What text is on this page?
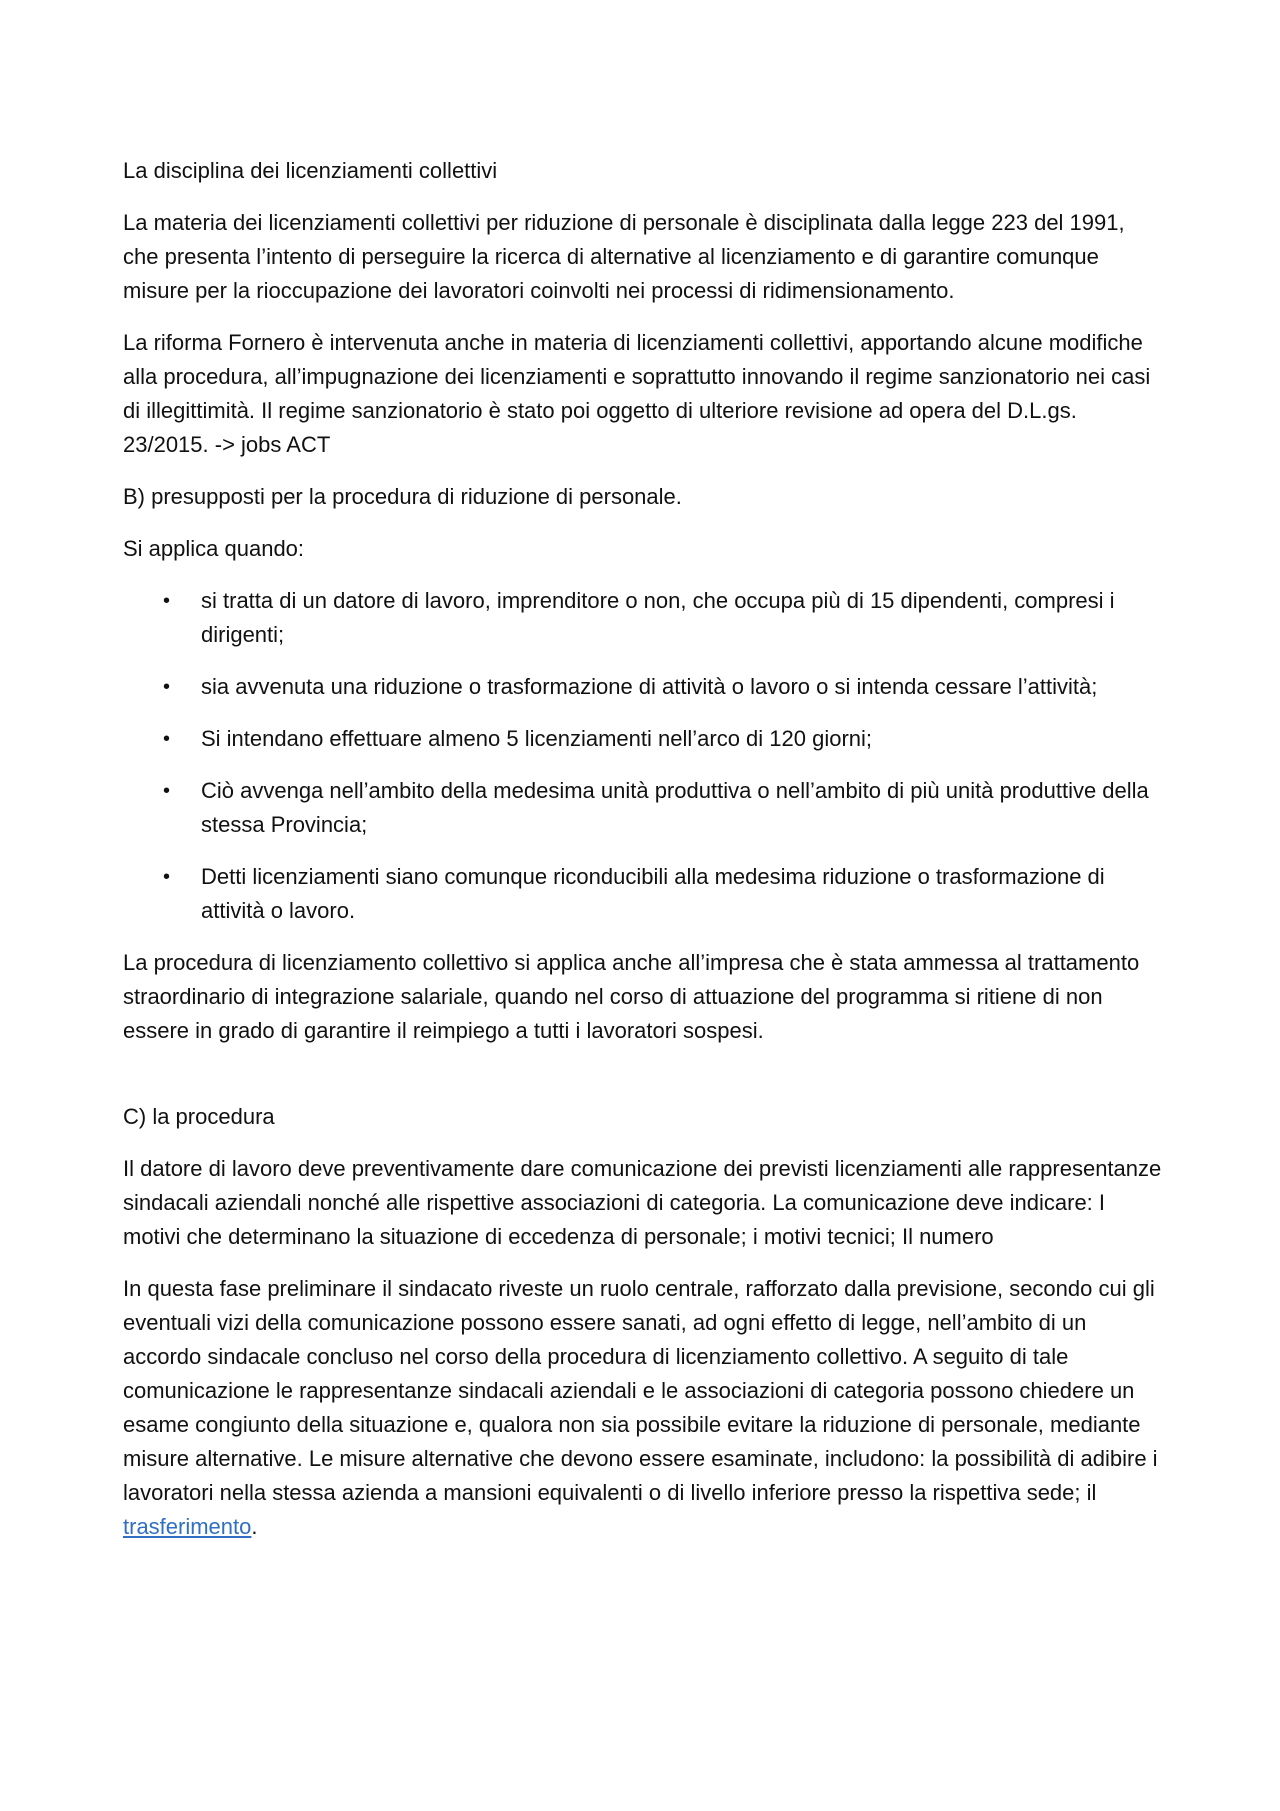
La disciplina dei licenziamenti collettivi

La materia dei licenziamenti collettivi per riduzione di personale è disciplinata dalla legge 223 del 1991, che presenta l’intento di perseguire la ricerca di alternative al licenziamento e di garantire comunque misure per la rioccupazione dei lavoratori coinvolti nei processi di ridimensionamento.

La riforma Fornero è intervenuta anche in materia di licenziamenti collettivi, apportando alcune modifiche alla procedura, all’impugnazione dei licenziamenti e soprattutto innovando il regime sanzionatorio nei casi di illegittimità. Il regime sanzionatorio è stato poi oggetto di ulteriore revisione ad opera del D.L.gs. 23/2015. -> jobs ACT

B) presupposti per la procedura di riduzione di personale.

Si applica quando:

• si tratta di un datore di lavoro, imprenditore o non, che occupa più di 15 dipendenti, compresi i dirigenti;
• sia avvenuta una riduzione o trasformazione di attività o lavoro o si intenda cessare l’attività;
• Si intendano effettuare almeno 5 licenziamenti nell’arco di 120 giorni;
• Ciò avvenga nell’ambito della medesima unità produttiva o nell’ambito di più unità produttive della stessa Provincia;
• Detti licenziamenti siano comunque riconducibili alla medesima riduzione o trasformazione di attività o lavoro.

La procedura di licenziamento collettivo si applica anche all’impresa che è stata ammessa al trattamento straordinario di integrazione salariale, quando nel corso di attuazione del programma si ritiene di non essere in grado di garantire il reimpiego a tutti i lavoratori sospesi.

C) la procedura

Il datore di lavoro deve preventivamente dare comunicazione dei previsti licenziamenti alle rappresentanze sindacali aziendali nonché alle rispettive associazioni di categoria. La comunicazione deve indicare: I motivi che determinano la situazione di eccedenza di personale; i motivi tecnici; Il numero

In questa fase preliminare il sindacato riveste un ruolo centrale, rafforzato dalla previsione, secondo cui gli eventuali vizi della comunicazione possono essere sanati, ad ogni effetto di legge, nell’ambito di un accordo sindacale concluso nel corso della procedura di licenziamento collettivo. A seguito di tale comunicazione le rappresentanze sindacali aziendali e le associazioni di categoria possono chiedere un esame congiunto della situazione e, qualora non sia possibile evitare la riduzione di personale, mediante misure alternative. Le misure alternative che devono essere esaminate, includono: la possibilità di adibire i lavoratori nella stessa azienda a mansioni equivalenti o di livello inferiore presso la rispettiva sede; il trasferimento.
